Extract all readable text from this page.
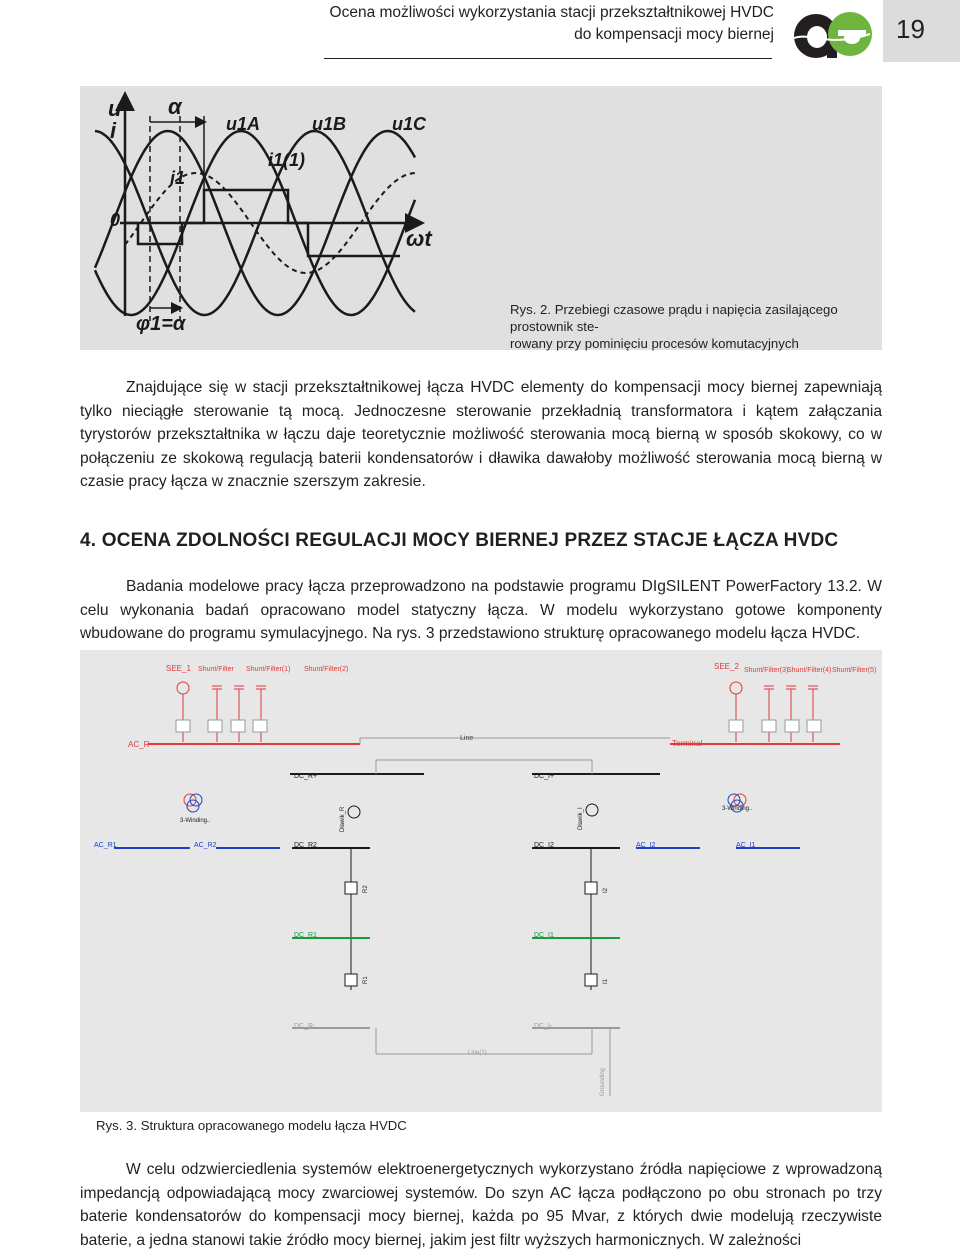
Ocena możliwości wykorzystania stacji przekształtnikowej HVDC
do kompensacji mocy biernej	19
u
i
α
u1A	u1B	u1C
i1
i1(1)
0
ωt
φ1=α
Rys. 2. Przebiegi czasowe prądu i napięcia zasilającego prostownik ste-
rowany przy pominięciu procesów komutacyjnych
Znajdujące się w stacji przekształtnikowej łącza HVDC elementy do kompensacji mocy biernej zapewniają tylko nieciągłe sterowanie tą mocą. Jednoczesne sterowanie przekładnią transformatora i kątem załączania tyrystorów przekształtnika w łączu daje teoretycznie możliwość sterowania mocą bierną w sposób skokowy, co w połączeniu ze skokową regulacją baterii kondensatorów i dławika dawałoby możliwość sterowania mocą bierną w czasie pracy łącza w znacznie szerszym zakresie.
4. OCENA ZDOLNOŚCI REGULACJI MOCY BIERNEJ PRZEZ STACJE ŁĄCZA HVDC
Badania modelowe pracy łącza przeprowadzono na podstawie programu DIgSILENT PowerFactory 13.2. W celu wykonania badań opracowano model statyczny łącza. W modelu wykorzystano gotowe komponenty wbudowane do programu symulacyjnego. Na rys. 3 przedstawiono strukturę opracowanego modelu łącza HVDC.
SEE_1 Shunt/Filter Shunt/Filter(1) Shunt/Filter(2)
AC_R
SEE_2 Shunt/Filter(3)
Shunt/Filter(4) Shunt/Filter(5)
Terminal
Line
DC_R+	DC_I+
3-Winding..
3-Winding..
Dławik_R	Dławik_I
AC_R1	AC_R2	DC_R2	DC_I2	AC_I2	AC_I1
R2	I2
DC_R1	DC_I1
R1	I1
DC_R-	DC_I-
Line(1)
Grounding
Rys. 3. Struktura opracowanego modelu łącza HVDC
W celu odzwierciedlenia systemów elektroenergetycznych wykorzystano źródła napięciowe z wprowadzoną impedancją odpowiadającą mocy zwarciowej systemów. Do szyn AC łącza podłączono po obu stronach po trzy baterie kondensatorów do kompensacji mocy biernej, każda po 95 Mvar, z których dwie modelują rzeczywiste baterie, a jedna stanowi takie źródło mocy biernej, jakim jest filtr wyższych harmonicznych. W zależności
